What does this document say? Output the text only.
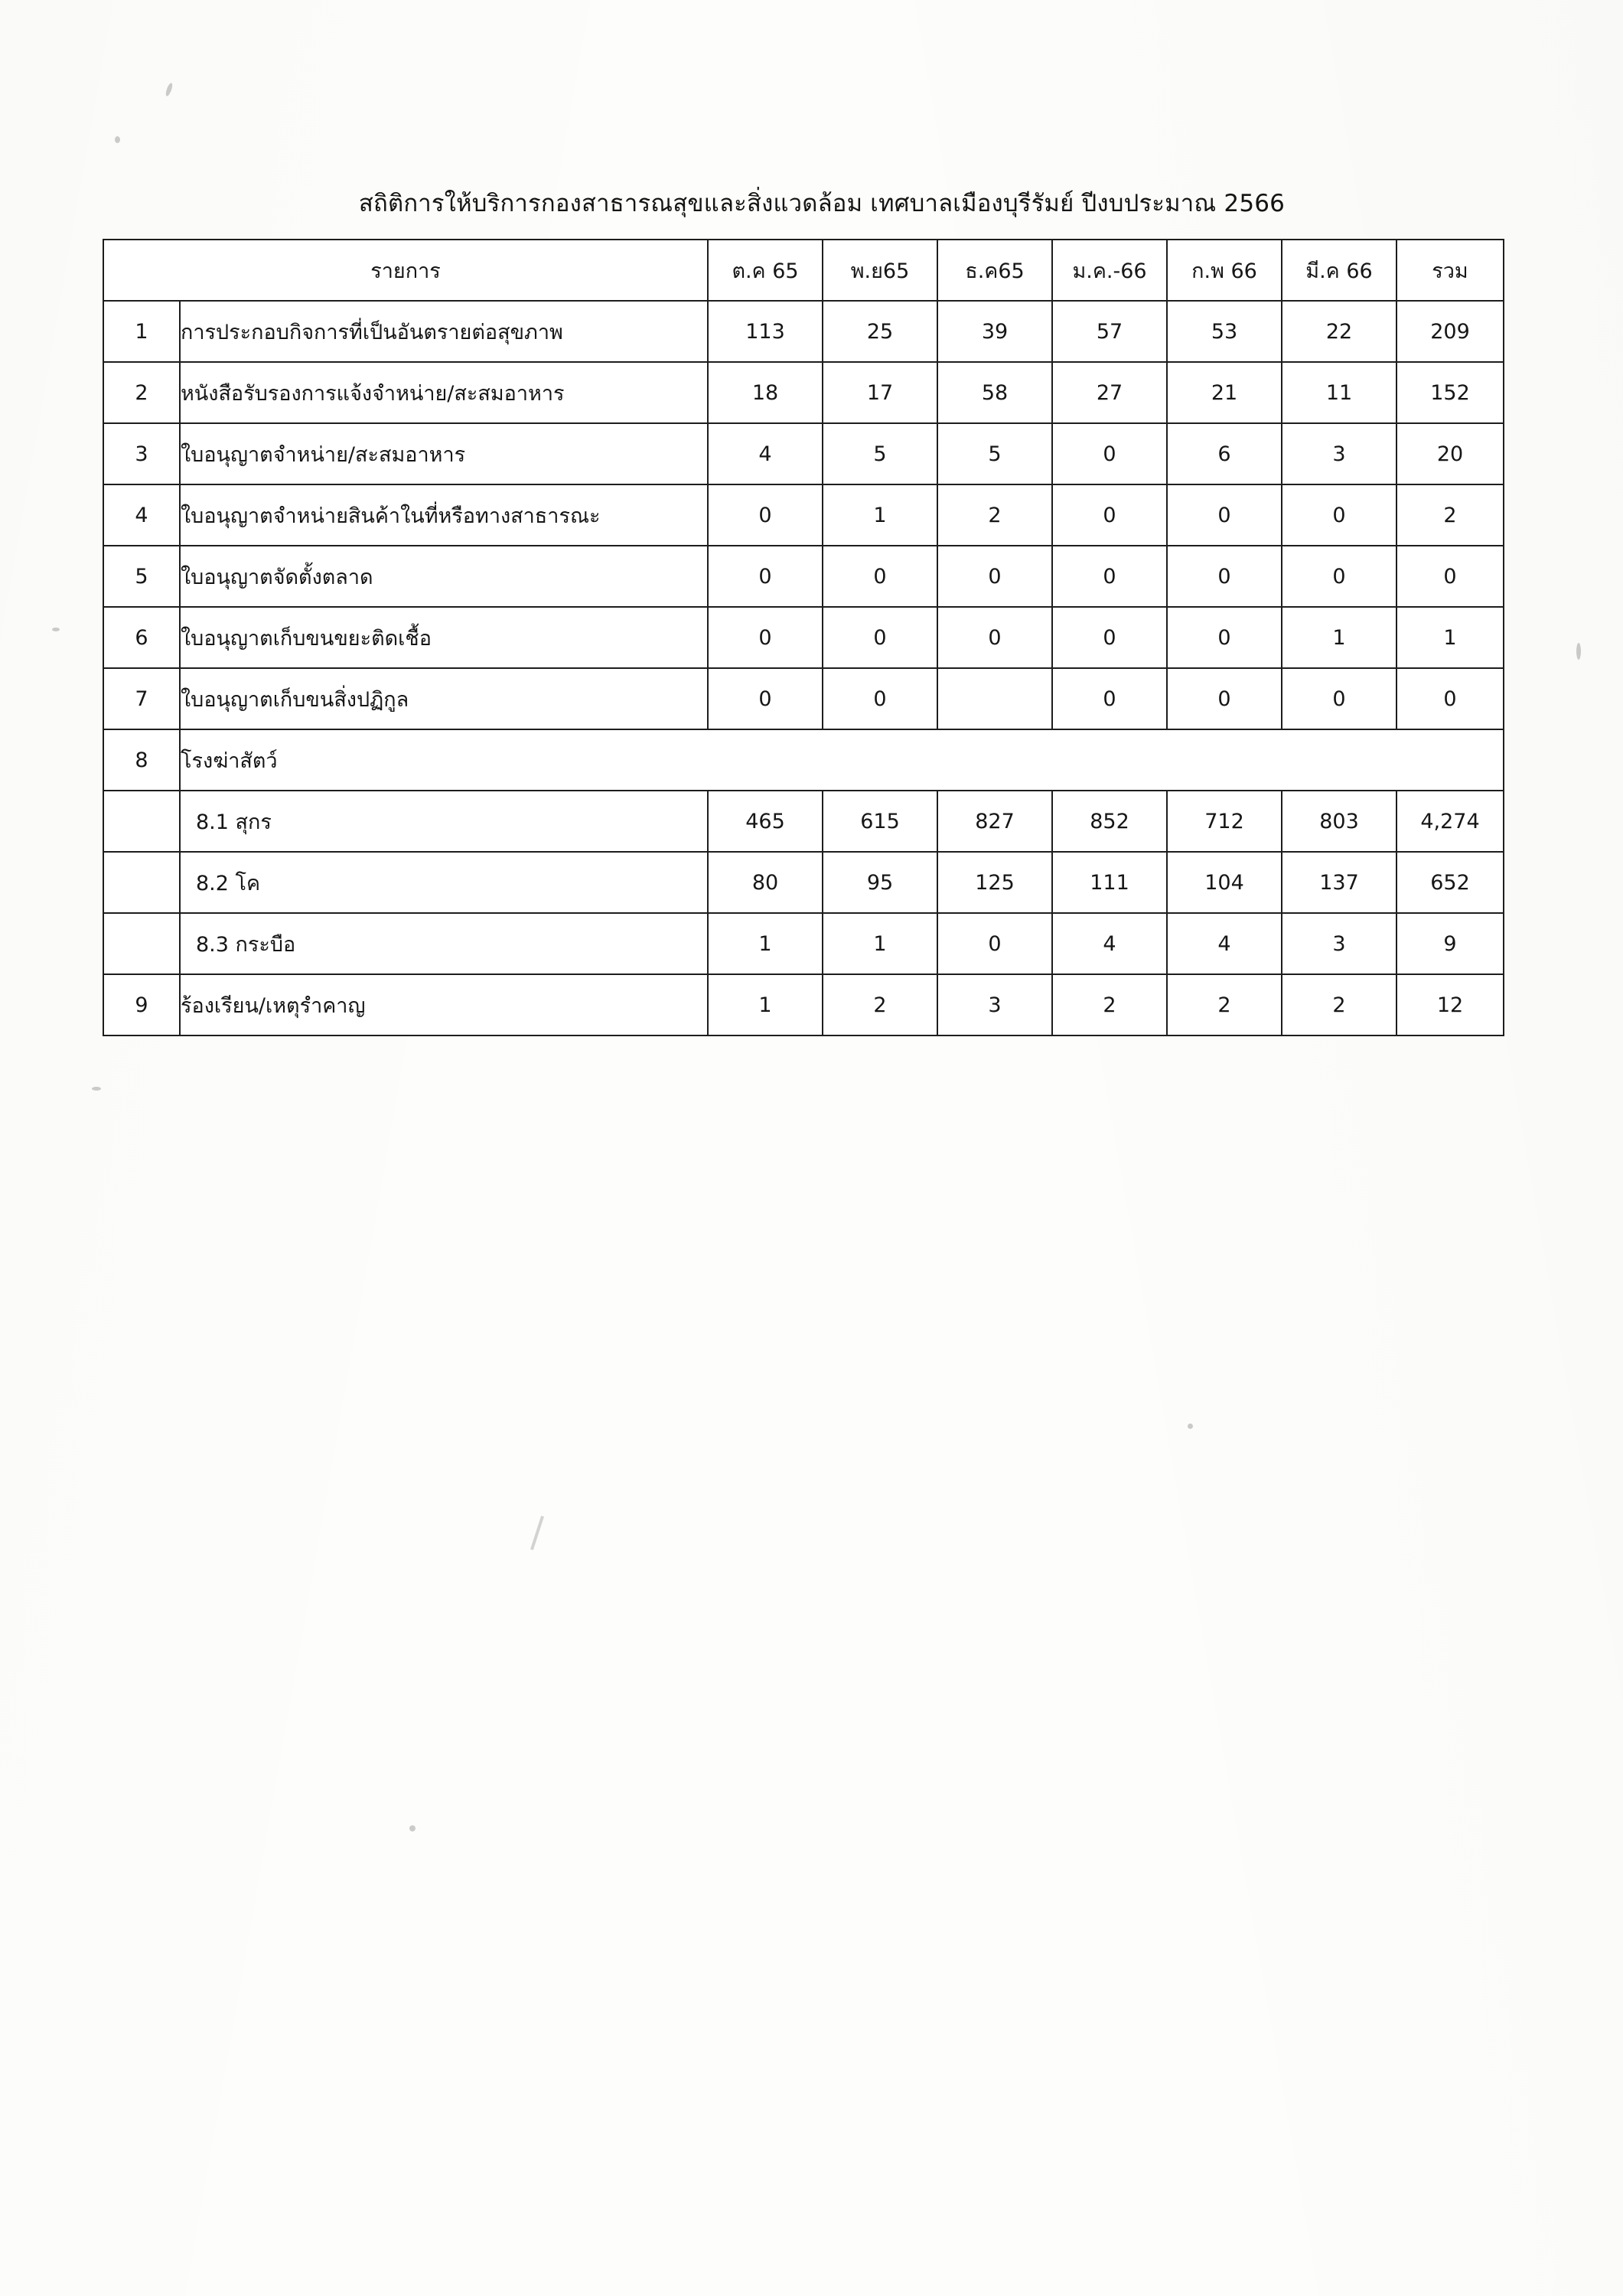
สถิติการให้บริการกองสาธารณสุขและสิ่งแวดล้อม เทศบาลเมืองบุรีรัมย์ ปีงบประมาณ 2566
รายการ		ต.ค 65	พ.ย65	ธ.ค65	ม.ค.-66	ก.พ 66	มี.ค 66	รวม
1	การประกอบกิจการที่เป็นอันตรายต่อสุขภาพ	113	25	39	57	53	22	209
2	หนังสือรับรองการแจ้งจำหน่าย/สะสมอาหาร	18	17	58	27	21	11	152
3	ใบอนุญาตจำหน่าย/สะสมอาหาร	4	5	5	0	6	3	20
4	ใบอนุญาตจำหน่ายสินค้าในที่หรือทางสาธารณะ	0	1	2	0	0	0	2
5	ใบอนุญาตจัดตั้งตลาด	0	0	0	0	0	0	0
6	ใบอนุญาตเก็บขนขยะติดเชื้อ	0	0	0	0	0	1	1
7	ใบอนุญาตเก็บขนสิ่งปฏิกูล	0	0		0	0	0	0
8	โรงฆ่าสัตว์							
	8.1 สุกร	465	615	827	852	712	803	4,274
	8.2 โค	80	95	125	111	104	137	652
	8.3 กระบือ	1	1	0	4	4	3	9
9	ร้องเรียน/เหตุรำคาญ	1	2	3	2	2	2	12
